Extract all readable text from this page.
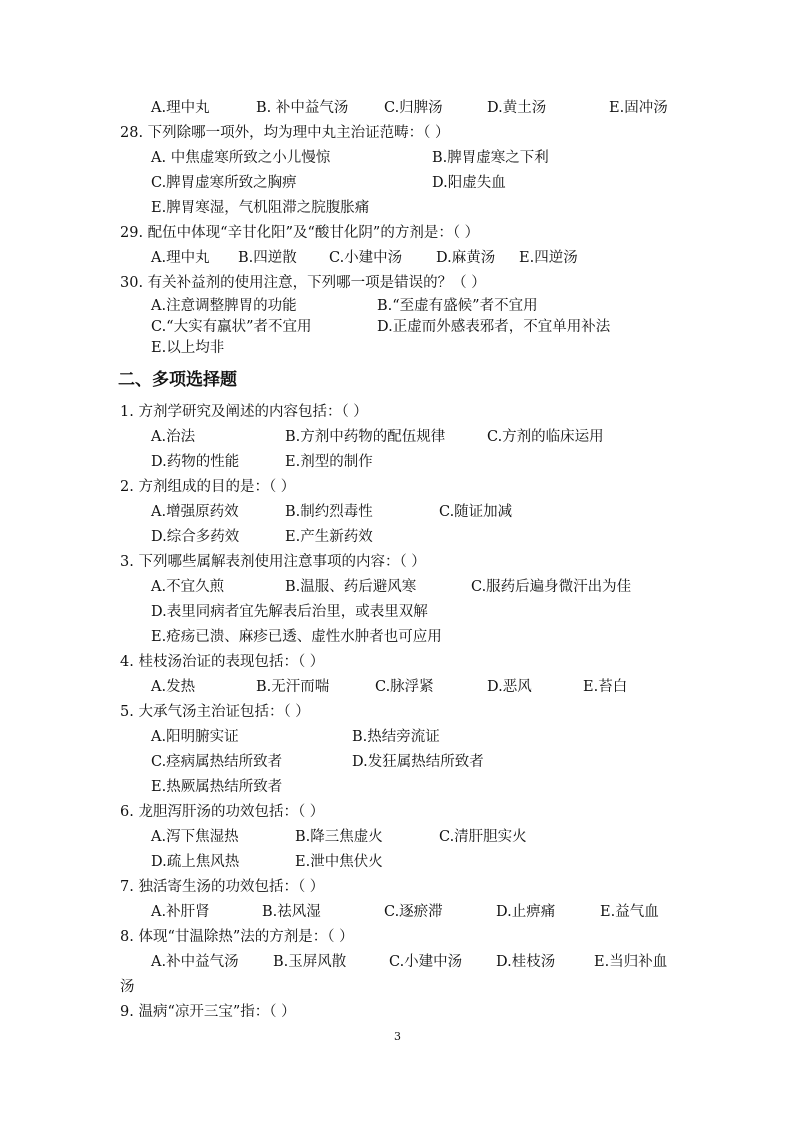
A.理中丸	B. 补中益气汤 C.归脾汤	D.黄土汤	E.固冲汤
28. 下列除哪一项外，均为理中丸主治证范畴：（ ）
A. 中焦虚寒所致之小儿慢惊	B.脾胃虚寒之下利
C.脾胃虚寒所致之胸痹	D.阳虚失血
E.脾胃寒湿，气机阻滞之脘腹胀痛
29. 配伍中体现“辛甘化阳”及“酸甘化阴”的方剂是：（ ）
A.理中丸 B.四逆散 C.小建中汤 D.麻黄汤 E.四逆汤
30. 有关补益剂的使用注意，下列哪一项是错误的？（ ）
A.注意调整脾胃的功能	B.“至虚有盛候”者不宜用
C.“大实有羸状”者不宜用	D.正虚而外感表邪者，不宜单用补法
E.以上均非
二、多项选择题
1. 方剂学研究及阐述的内容包括：（ ）
A.治法	B.方剂中药物的配伍规律	C.方剂的临床运用
D.药物的性能	E.剂型的制作
2. 方剂组成的目的是：（ ）
A.增强原药效	B.制约烈毒性	C.随证加减
D.综合多药效	E.产生新药效
3. 下列哪些属解表剂使用注意事项的内容：（ ）
A.不宜久煎	B.温服、药后避风寒	C.服药后遍身微汗出为佳
D.表里同病者宜先解表后治里，或表里双解
E.疮疡已溃、麻疹已透、虚性水肿者也可应用
4. 桂枝汤治证的表现包括：（ ）
A.发热	B.无汗而喘	C.脉浮紧	D.恶风	E.苔白
5. 大承气汤主治证包括：（ ）
A.阳明腑实证	B.热结旁流证
C.痉病属热结所致者	D.发狂属热结所致者
E.热厥属热结所致者
6. 龙胆泻肝汤的功效包括：（ ）
A.泻下焦湿热	B.降三焦虚火	C.清肝胆实火
D.疏上焦风热	E.泄中焦伏火
7. 独活寄生汤的功效包括：（ ）
A.补肝肾	B.祛风湿	C.逐瘀滞	D.止痹痛	E.益气血
8. 体现“甘温除热”法的方剂是：（ ）
A.补中益气汤 B.玉屏风散	C.小建中汤 D.桂枝汤	E.当归补血
汤
9. 温病“凉开三宝”指：（ ）
3
